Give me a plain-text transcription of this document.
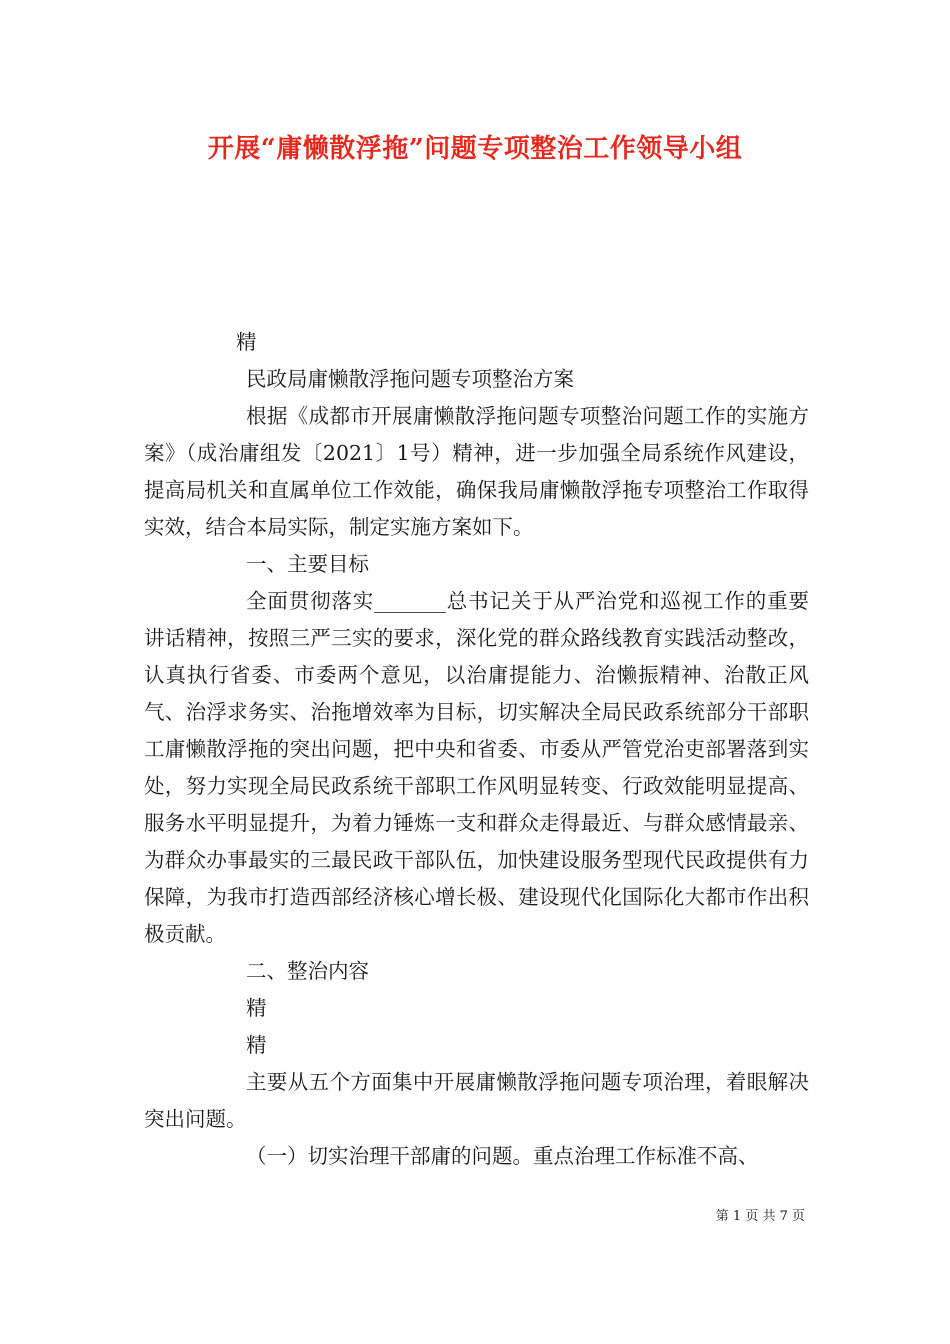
开展“庸懒散浮拖”问题专项整治工作领导小组

精

民政局庸懒散浮拖问题专项整治方案

根据《成都市开展庸懒散浮拖问题专项整治问题工作的实施方案》（成治庸组发〔2021〕1号）精神，进一步加强全局系统作风建设，提高局机关和直属单位工作效能，确保我局庸懒散浮拖专项整治工作取得实效，结合本局实际，制定实施方案如下。

一、主要目标

全面贯彻落实_______总书记关于从严治党和巡视工作的重要讲话精神，按照三严三实的要求，深化党的群众路线教育实践活动整改，认真执行省委、市委两个意见，以治庸提能力、治懒振精神、治散正风气、治浮求务实、治拖增效率为目标，切实解决全局民政系统部分干部职工庸懒散浮拖的突出问题，把中央和省委、市委从严管党治吏部署落到实处，努力实现全局民政系统干部职工作风明显转变、行政效能明显提高、服务水平明显提升，为着力锤炼一支和群众走得最近、与群众感情最亲、为群众办事最实的三最民政干部队伍，加快建设服务型现代民政提供有力保障，为我市打造西部经济核心增长极、建设现代化国际化大都市作出积极贡献。

二、整治内容

精

精

主要从五个方面集中开展庸懒散浮拖问题专项治理，着眼解决突出问题。

（一）切实治理干部庸的问题。重点治理工作标准不高、

第 1 页 共 7 页
